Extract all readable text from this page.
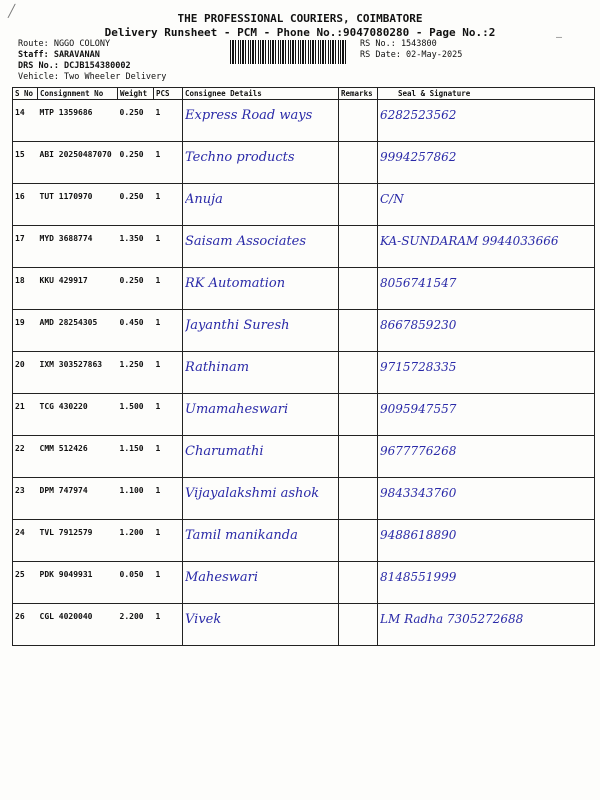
THE PROFESSIONAL COURIERS, COIMBATORE
Delivery Runsheet - PCM - Phone No.:9047080280 - Page No.:2
Route: NGGO COLONY
Staff: SARAVANAN
DRS No.: DCJB154380002
Vehicle: Two Wheeler Delivery
RS No.: 1543800
RS Date: 02-May-2025
╱
—
S No	Consignment No	Weight	PCS	Consignee Details	Remarks	Seal & Signature
14	MTP 1359686	0.250	1	Express Road ways		6282523562

15	ABI 20250487070	0.250	1	Techno products		9994257862

16	TUT 1170970	0.250	1	Anuja		C/N

17	MYD 3688774	1.350	1	Saisam Associates		KA-SUNDARAM 9944033666

18	KKU 429917	0.250	1	RK Automation		8056741547

19	AMD 28254305	0.450	1	Jayanthi Suresh		8667859230

20	IXM 303527863	1.250	1	Rathinam		9715728335

21	TCG 430220	1.500	1	Umamaheswari		9095947557

22	CMM 512426	1.150	1	Charumathi		9677776268

23	DPM 747974	1.100	1	Vijayalakshmi ashok		9843343760

24	TVL 7912579	1.200	1	Tamil manikanda		9488618890

25	PDK 9049931	0.050	1	Maheswari		8148551999

26	CGL 4020040	2.200	1	Vivek		LM Radha 7305272688
